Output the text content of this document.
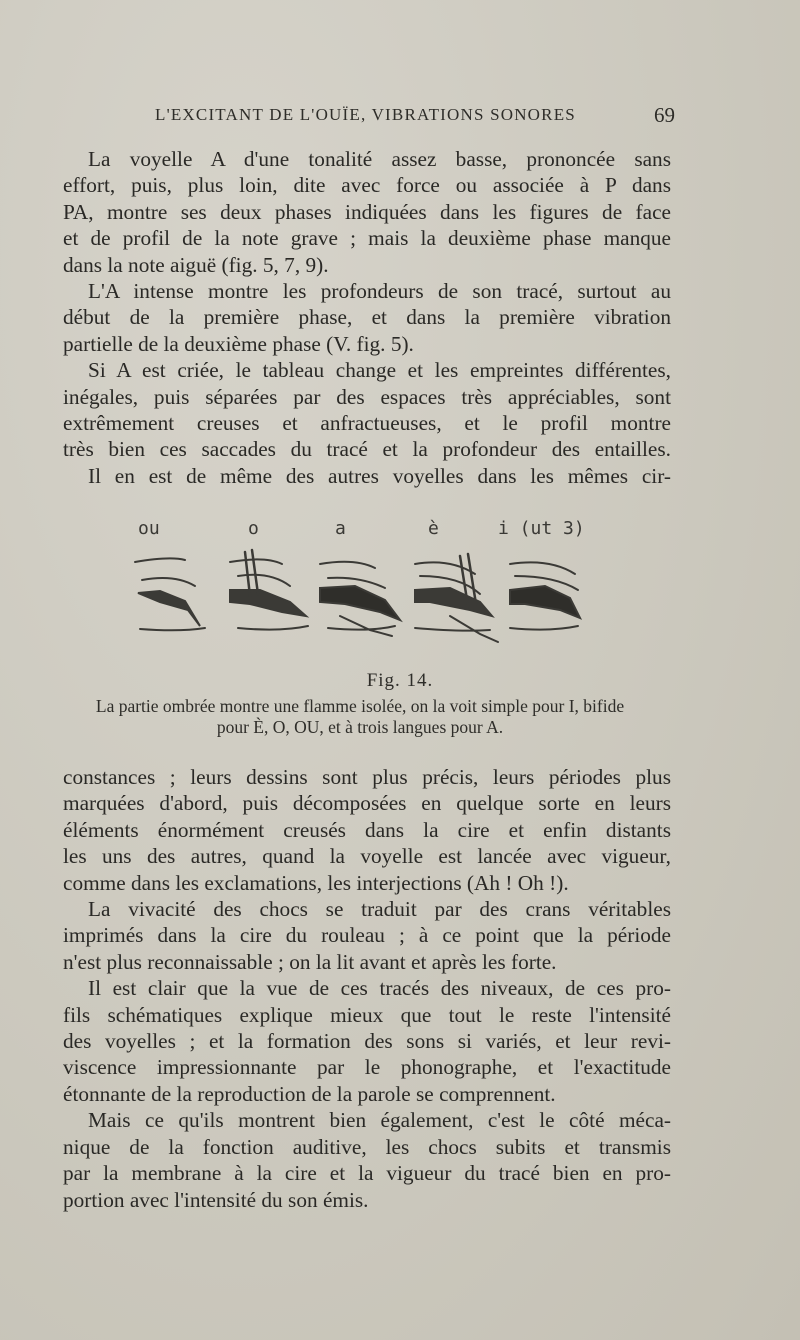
L'EXCITANT DE L'OUÏE, VIBRATIONS SONORES	69

La voyelle A d'une tonalité assez basse, prononcée sans
effort, puis, plus loin, dite avec force ou associée à P dans
PA, montre ses deux phases indiquées dans les figures de face
et de profil de la note grave ; mais la deuxième phase manque
dans la note aiguë (fig. 5, 7, 9).
L'A intense montre les profondeurs de son tracé, surtout au
début de la première phase, et dans la première vibration
partielle de la deuxième phase (V. fig. 5).
Si A est criée, le tableau change et les empreintes différentes,
inégales, puis séparées par des espaces très appréciables, sont
extrêmement creuses et anfractueuses, et le profil montre
très bien ces saccades du tracé et la profondeur des entailles.
Il en est de même des autres voyelles dans les mêmes cir-

ou	o	a	è	i (ut 3)
Fig. 14.
La partie ombrée montre une flamme isolée, on la voit simple pour I, bifide
pour È, O, OU, et à trois langues pour A.

constances ; leurs dessins sont plus précis, leurs périodes plus
marquées d'abord, puis décomposées en quelque sorte en leurs
éléments énormément creusés dans la cire et enfin distants
les uns des autres, quand la voyelle est lancée avec vigueur,
comme dans les exclamations, les interjections (Ah ! Oh !).
La vivacité des chocs se traduit par des crans véritables
imprimés dans la cire du rouleau ; à ce point que la période
n'est plus reconnaissable ; on la lit avant et après les forte.
Il est clair que la vue de ces tracés des niveaux, de ces pro-
fils schématiques explique mieux que tout le reste l'intensité
des voyelles ; et la formation des sons si variés, et leur revi-
viscence impressionnante par le phonographe, et l'exactitude
étonnante de la reproduction de la parole se comprennent.
Mais ce qu'ils montrent bien également, c'est le côté méca-
nique de la fonction auditive, les chocs subits et transmis
par la membrane à la cire et la vigueur du tracé bien en pro-
portion avec l'intensité du son émis.
